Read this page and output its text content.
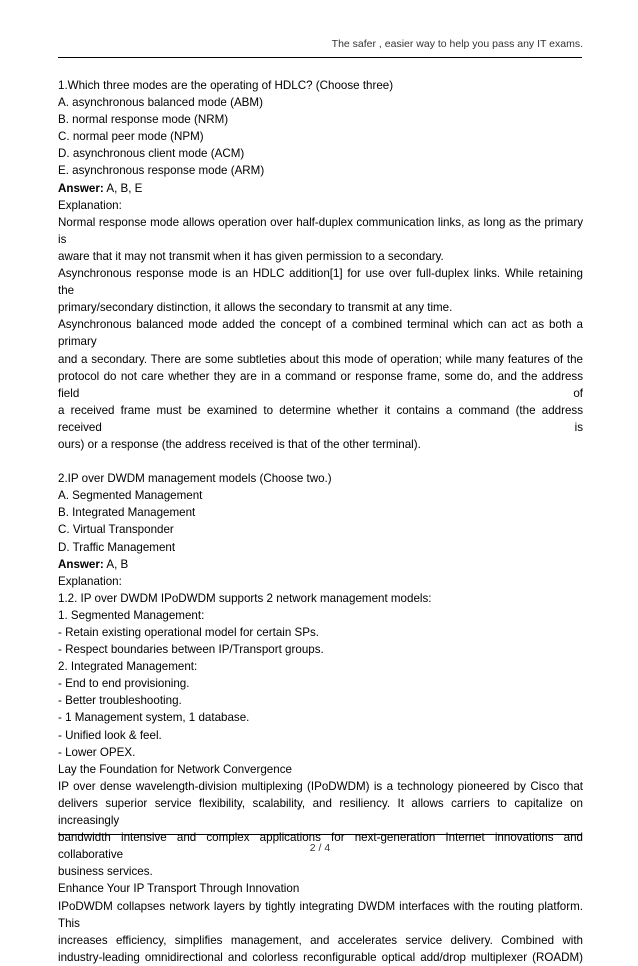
The safer , easier way to help you pass any IT exams.

1.Which three modes are the operating of HDLC? (Choose three)

A. asynchronous balanced mode (ABM)

B. normal response mode (NRM)

C. normal peer mode (NPM)

D. asynchronous client mode (ACM)

E. asynchronous response mode (ARM)

Answer: A, B, E

Explanation:

Normal response mode allows operation over half-duplex communication links, as long as the primary is

aware that it may not transmit when it has given permission to a secondary.

Asynchronous response mode is an HDLC addition[1] for use over full-duplex links. While retaining the

primary/secondary distinction, it allows the secondary to transmit at any time.

Asynchronous balanced mode added the concept of a combined terminal which can act as both a primary

and a secondary. There are some subtleties about this mode of operation; while many features of the

protocol do not care whether they are in a command or response frame, some do, and the address field of

a received frame must be examined to determine whether it contains a command (the address received is

ours) or a response (the address received is that of the other terminal).

2.IP over DWDM management models (Choose two.)

A. Segmented Management

B. Integrated Management

C. Virtual Transponder

D. Traffic Management

Answer: A, B

Explanation:

1.2. IP over DWDM IPoDWDM supports 2 network management models:

1. Segmented Management:

- Retain existing operational model for certain SPs.

- Respect boundaries between IP/Transport groups.

2. Integrated Management:

- End to end provisioning.

- Better troubleshooting.

- 1 Management system, 1 database.

- Unified look & feel.

- Lower OPEX.

Lay the Foundation for Network Convergence

IP over dense wavelength-division multiplexing (IPoDWDM) is a technology pioneered by Cisco that

delivers superior service flexibility, scalability, and resiliency. It allows carriers to capitalize on increasingly

bandwidth intensive and complex applications for next-generation Internet innovations and collaborative

business services.

Enhance Your IP Transport Through Innovation

IPoDWDM collapses network layers by tightly integrating DWDM interfaces with the routing platform. This

increases efficiency, simplifies management, and accelerates service delivery. Combined with

industry-leading omnidirectional and colorless reconfigurable optical add/drop multiplexer (ROADM)

2 / 4
